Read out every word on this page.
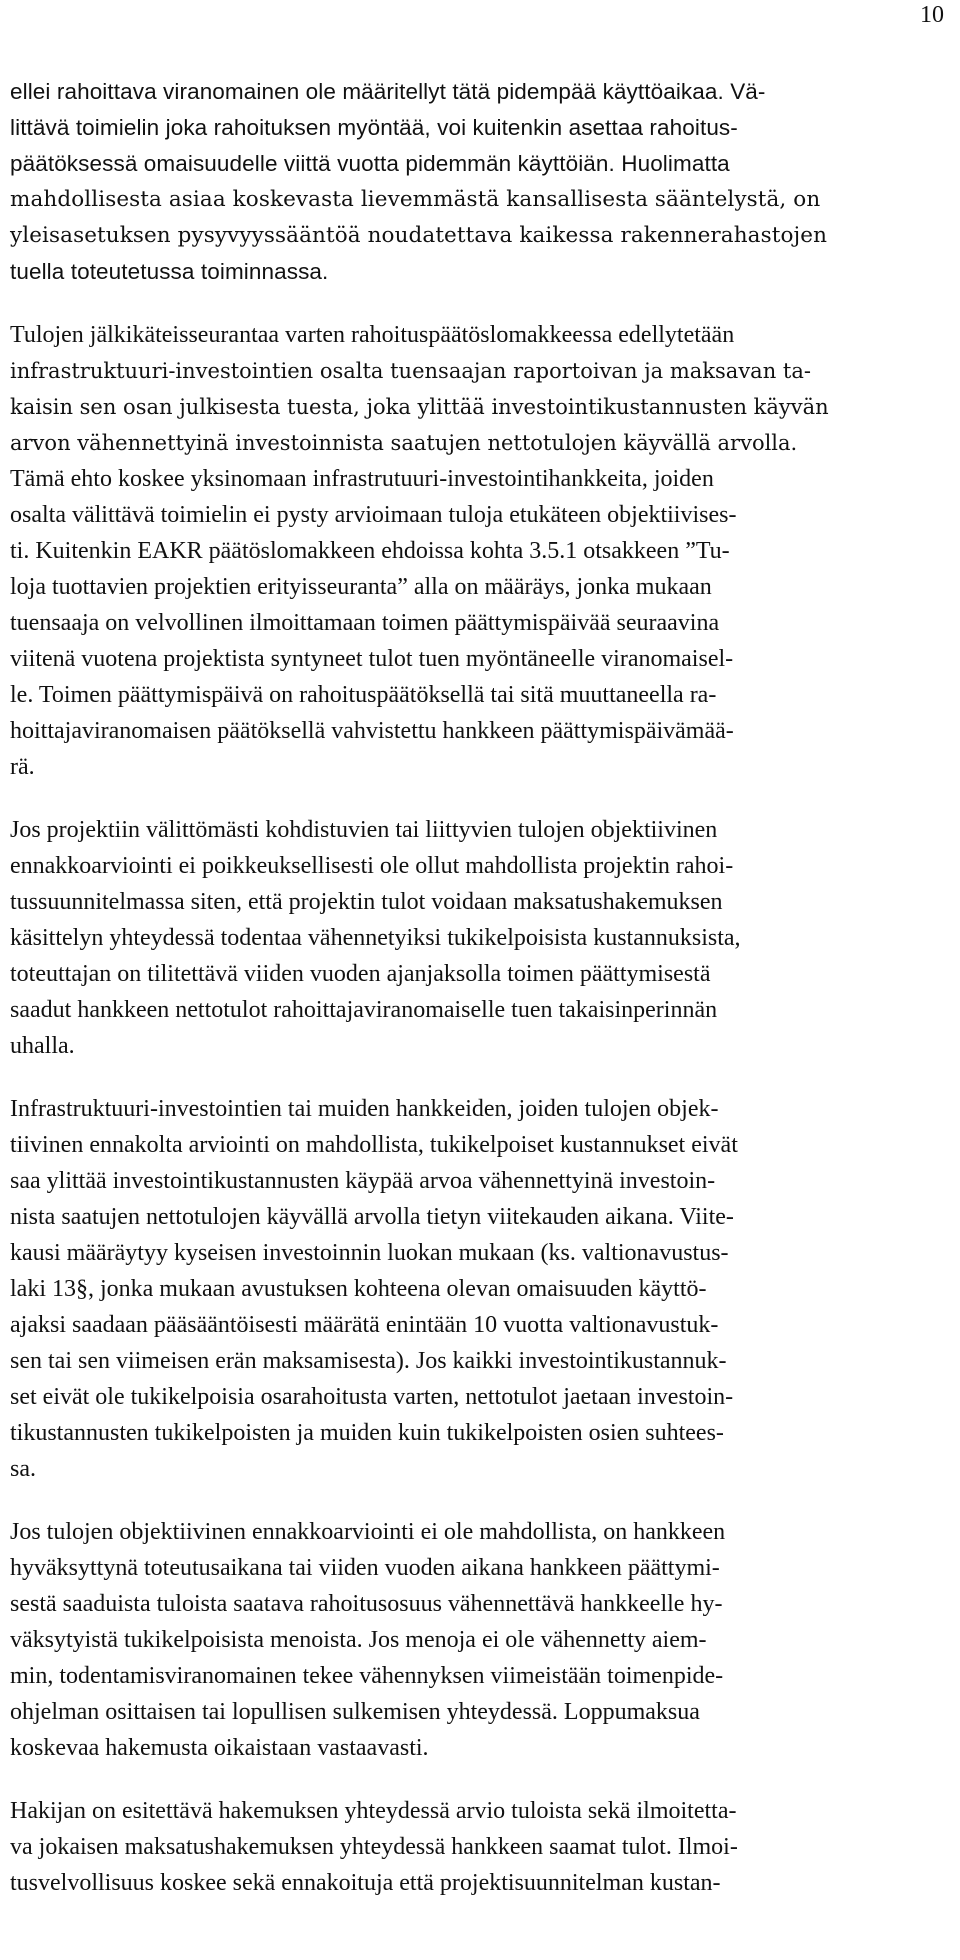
10
ellei rahoittava viranomainen ole määritellyt tätä pidempää käyttöaikaa. Vä-
littävä toimielin joka rahoituksen myöntää, voi kuitenkin asettaa rahoitus-
päätöksessä omaisuudelle viittä vuotta pidemmän käyttöiän. Huolimatta
mahdollisesta asiaa koskevasta lievemmästä kansallisesta sääntelystä, on
yleisasetuksen pysyvyyssääntöä noudatettava kaikessa rakennerahastojen
tuella toteutetussa toiminnassa.
Tulojen jälkikäteisseurantaa varten rahoituspäätöslomakkeessa edellytetään
infrastruktuuri-investointien osalta tuensaajan raportoivan ja maksavan ta-
kaisin sen osan julkisesta tuesta, joka ylittää investointikustannusten käyvän
arvon vähennettyinä investoinnista saatujen nettotulojen käyvällä arvolla.
Tämä ehto koskee yksinomaan infrastrutuuri-investointihankkeita, joiden
osalta välittävä toimielin ei pysty arvioimaan tuloja etukäteen objektiivises-
ti. Kuitenkin EAKR päätöslomakkeen ehdoissa kohta 3.5.1 otsakkeen ”Tu-
loja tuottavien projektien erityisseuranta” alla on määräys, jonka mukaan
tuensaaja on velvollinen ilmoittamaan toimen päättymispäivää seuraavina
viitenä vuotena projektista syntyneet tulot tuen myöntäneelle viranomaisel-
le. Toimen päättymispäivä on rahoituspäätöksellä tai sitä muuttaneella ra-
hoittajaviranomaisen päätöksellä vahvistettu hankkeen päättymispäivämää-
rä.
Jos projektiin välittömästi kohdistuvien tai liittyvien tulojen objektiivinen
ennakkoarviointi ei poikkeuksellisesti ole ollut mahdollista projektin rahoi-
tussuunnitelmassa siten, että projektin tulot voidaan maksatushakemuksen
käsittelyn yhteydessä todentaa vähennetyiksi tukikelpoisista kustannuksista,
toteuttajan on tilitettävä viiden vuoden ajanjaksolla toimen päättymisestä
saadut hankkeen nettotulot rahoittajaviranomaiselle tuen takaisinperinnän
uhalla.
Infrastruktuuri-investointien tai muiden hankkeiden, joiden tulojen objek-
tiivinen ennakolta arviointi on mahdollista, tukikelpoiset kustannukset eivät
saa ylittää investointikustannusten käypää arvoa vähennettyinä investoin-
nista saatujen nettotulojen käyvällä arvolla tietyn viitekauden aikana. Viite-
kausi määräytyy kyseisen investoinnin luokan mukaan (ks. valtionavustus-
laki 13§, jonka mukaan avustuksen kohteena olevan omaisuuden käyttö-
ajaksi saadaan pääsääntöisesti määrätä enintään 10 vuotta valtionavustuk-
sen tai sen viimeisen erän maksamisesta). Jos kaikki investointikustannuk-
set eivät ole tukikelpoisia osarahoitusta varten, nettotulot jaetaan investoin-
tikustannusten tukikelpoisten ja muiden kuin tukikelpoisten osien suhtees-
sa.
Jos tulojen objektiivinen ennakkoarviointi ei ole mahdollista, on hankkeen
hyväksyttynä toteutusaikana tai viiden vuoden aikana hankkeen päättymi-
sestä saaduista tuloista saatava rahoitusosuus vähennettävä hankkeelle hy-
väksytyistä tukikelpoisista menoista. Jos menoja ei ole vähennetty aiem-
min, todentamisviranomainen tekee vähennyksen viimeistään toimenpide-
ohjelman osittaisen tai lopullisen sulkemisen yhteydessä. Loppumaksua
koskevaa hakemusta oikaistaan vastaavasti.
Hakijan on esitettävä hakemuksen yhteydessä arvio tuloista sekä ilmoitetta-
va jokaisen maksatushakemuksen yhteydessä hankkeen saamat tulot. Ilmoi-
tusvelvollisuus koskee sekä ennakoituja että projektisuunnitelman kustan-
